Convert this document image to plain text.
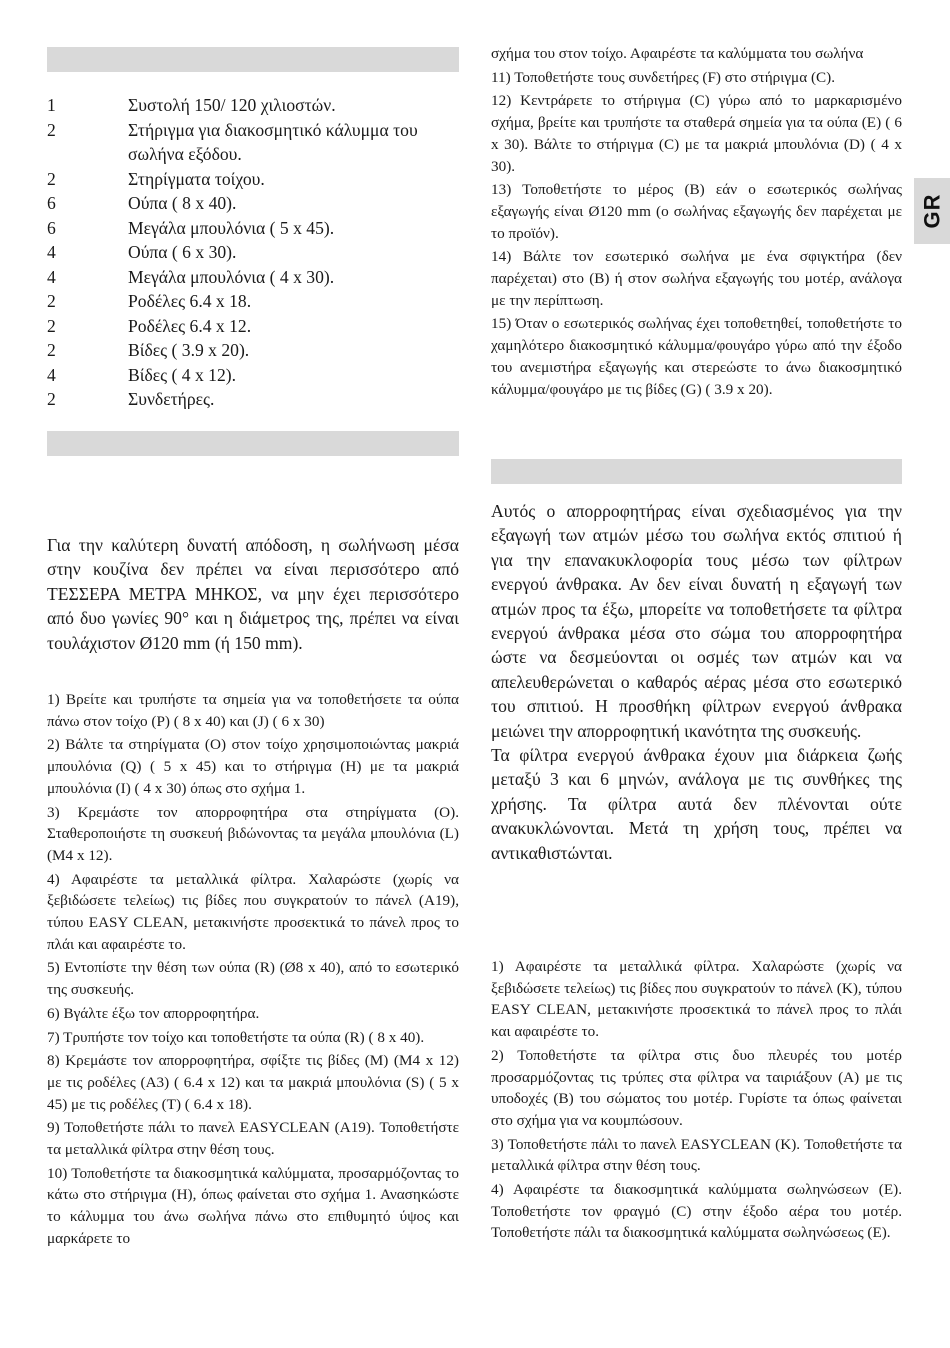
1	Συστολή 150/ 120 χιλιοστών.
2	Στήριγμα για διακοσμητικό κάλυμμα του σωλήνα εξόδου.
2	Στηρίγματα τοίχου.
6	Ούπα ( 8 x 40).
6	Μεγάλα μπουλόνια ( 5 x 45).
4	Ούπα ( 6 x 30).
4	Μεγάλα μπουλόνια ( 4 x 30).
2	Ροδέλες 6.4 x 18.
2	Ροδέλες 6.4 x 12.
2	Βίδες ( 3.9 x 20).
4	Βίδες ( 4 x 12).
2	Συνδετήρες.

Για την καλύτερη δυνατή απόδοση, η σωλήνωση μέσα στην κουζίνα δεν πρέπει να είναι περισσότερο από ΤΕΣΣΕΡΑ ΜΕΤΡΑ ΜΗΚΟΣ, να μην έχει περισσότερο από δυο γωνίες 90° και η διάμετρος της, πρέπει να είναι τουλάχιστον Ø120 mm (ή 150 mm).

1) Βρείτε και τρυπήστε τα σημεία για να τοποθετήσετε τα ούπα πάνω στον τοίχο (P) ( 8 x 40) και (J) ( 6 x 30)

2) Βάλτε τα στηρίγματα (O) στον τοίχο χρησιμοποιώντας μακριά μπουλόνια (Q) ( 5 x 45) και το στήριγμα (H) με τα μακριά μπουλόνια (I) ( 4 x 30) όπως στο σχήμα 1.

3) Κρεμάστε τον απορροφητήρα στα στηρίγματα (O). Σταθεροποιήστε τη συσκευή βιδώνοντας τα μεγάλα μπουλόνια (L) (M4 x 12).

4) Αφαιρέστε τα μεταλλικά φίλτρα. Χαλαρώστε (χωρίς να ξεβιδώσετε τελείως) τις βίδες που συγκρατούν το πάνελ (A19), τύπου EASY CLEAN, μετακινήστε προσεκτικά το πάνελ προς το πλάι και αφαιρέστε το.

5) Εντοπίστε την θέση των ούπα (R) (Ø8 x 40), από το εσωτερικό της συσκευής.

6) Βγάλτε έξω τον απορροφητήρα.

7) Τρυπήστε τον τοίχο και τοποθετήστε τα ούπα (R) ( 8 x 40).

8) Κρεμάστε τον απορροφητήρα, σφίξτε τις βίδες (M) (M4 x 12) με τις ροδέλες (A3) ( 6.4 x 12) και τα μακριά μπουλόνια (S) ( 5 x 45) με τις ροδέλες (T) ( 6.4 x 18).

9) Τοποθετήστε πάλι το πανελ EASYCLEAN (A19). Τοποθετήστε τα μεταλλικά φίλτρα στην θέση τους.

10) Τοποθετήστε τα διακοσμητικά καλύμματα, προσαρμόζοντας το κάτω στο στήριγμα (H), όπως φαίνεται στο σχήμα 1. Ανασηκώστε το κάλυμμα του άνω σωλήνα πάνω στο επιθυμητό ύψος και μαρκάρετε το

σχήμα του στον τοίχο. Αφαιρέστε τα καλύμματα του σωλήνα

11) Τοποθετήστε τους συνδετήρες (F) στο στήριγμα (C).

12) Κεντράρετε το στήριγμα (C) γύρω από το μαρκαρισμένο σχήμα, βρείτε και τρυπήστε τα σταθερά σημεία για τα ούπα (E) ( 6 x 30). Βάλτε το στήριγμα (C) με τα μακριά μπουλόνια (D) ( 4 x 30).

13) Τοποθετήστε το μέρος (B) εάν ο εσωτερικός σωλήνας εξαγωγής είναι Ø120 mm (ο σωλήνας εξαγωγής δεν παρέχεται με το προϊόν).

14) Βάλτε τον εσωτερικό σωλήνα με ένα σφιγκτήρα (δεν παρέχεται) στο (B) ή στον σωλήνα εξαγωγής του μοτέρ, ανάλογα με την περίπτωση.

15) Όταν ο εσωτερικός σωλήνας έχει τοποθετηθεί, τοποθετήστε το χαμηλότερο διακοσμητικό κάλυμμα/φουγάρο γύρω από την έξοδο του ανεμιστήρα εξαγωγής και στερεώστε το άνω διακοσμητικό κάλυμμα/φουγάρο με τις βίδες (G) ( 3.9 x 20).

Αυτός ο απορροφητήρας είναι σχεδιασμένος για την εξαγωγή των ατμών μέσω του σωλήνα εκτός σπιτιού ή για την επανακυκλοφορία τους μέσω των φίλτρων ενεργού άνθρακα. Αν δεν είναι δυνατή η εξαγωγή των ατμών προς τα έξω, μπορείτε να τοποθετήσετε τα φίλτρα ενεργού άνθρακα μέσα στο σώμα του απορροφητήρα ώστε να δεσμεύονται οι οσμές των ατμών και να απελευθερώνεται ο καθαρός αέρας μέσα στο εσωτερικό του σπιτιού. Η προσθήκη φίλτρων ενεργού άνθρακα μειώνει την απορροφητική ικανότητα της συσκευής.

Τα φίλτρα ενεργού άνθρακα έχουν μια διάρκεια ζωής μεταξύ 3 και 6 μηνών, ανάλογα με τις συνθήκες της χρήσης. Τα φίλτρα αυτά δεν πλένονται ούτε ανακυκλώνονται. Μετά τη χρήση τους, πρέπει να αντικαθιστώνται.

1) Αφαιρέστε τα μεταλλικά φίλτρα. Χαλαρώστε (χωρίς να ξεβιδώσετε τελείως) τις βίδες που συγκρατούν το πάνελ (K), τύπου EASY CLEAN, μετακινήστε προσεκτικά το πάνελ προς το πλάι και αφαιρέστε το.

2) Τοποθετήστε τα φίλτρα στις δυο πλευρές του μοτέρ προσαρμόζοντας τις τρύπες στα φίλτρα να ταιριάξουν (A) με τις υποδοχές (B) του σώματος του μοτέρ. Γυρίστε τα όπως φαίνεται στο σχήμα για να κουμπώσουν.

3) Τοποθετήστε πάλι το πανελ EASYCLEAN (K). Τοποθετήστε τα μεταλλικά φίλτρα στην θέση τους.

4) Αφαιρέστε τα διακοσμητικά καλύμματα σωληνώσεων (E). Τοποθετήστε τον φραγμό (C) στην έξοδο αέρα του μοτέρ. Τοποθετήστε πάλι τα διακοσμητικά καλύμματα σωληνώσεως (E).

GR
